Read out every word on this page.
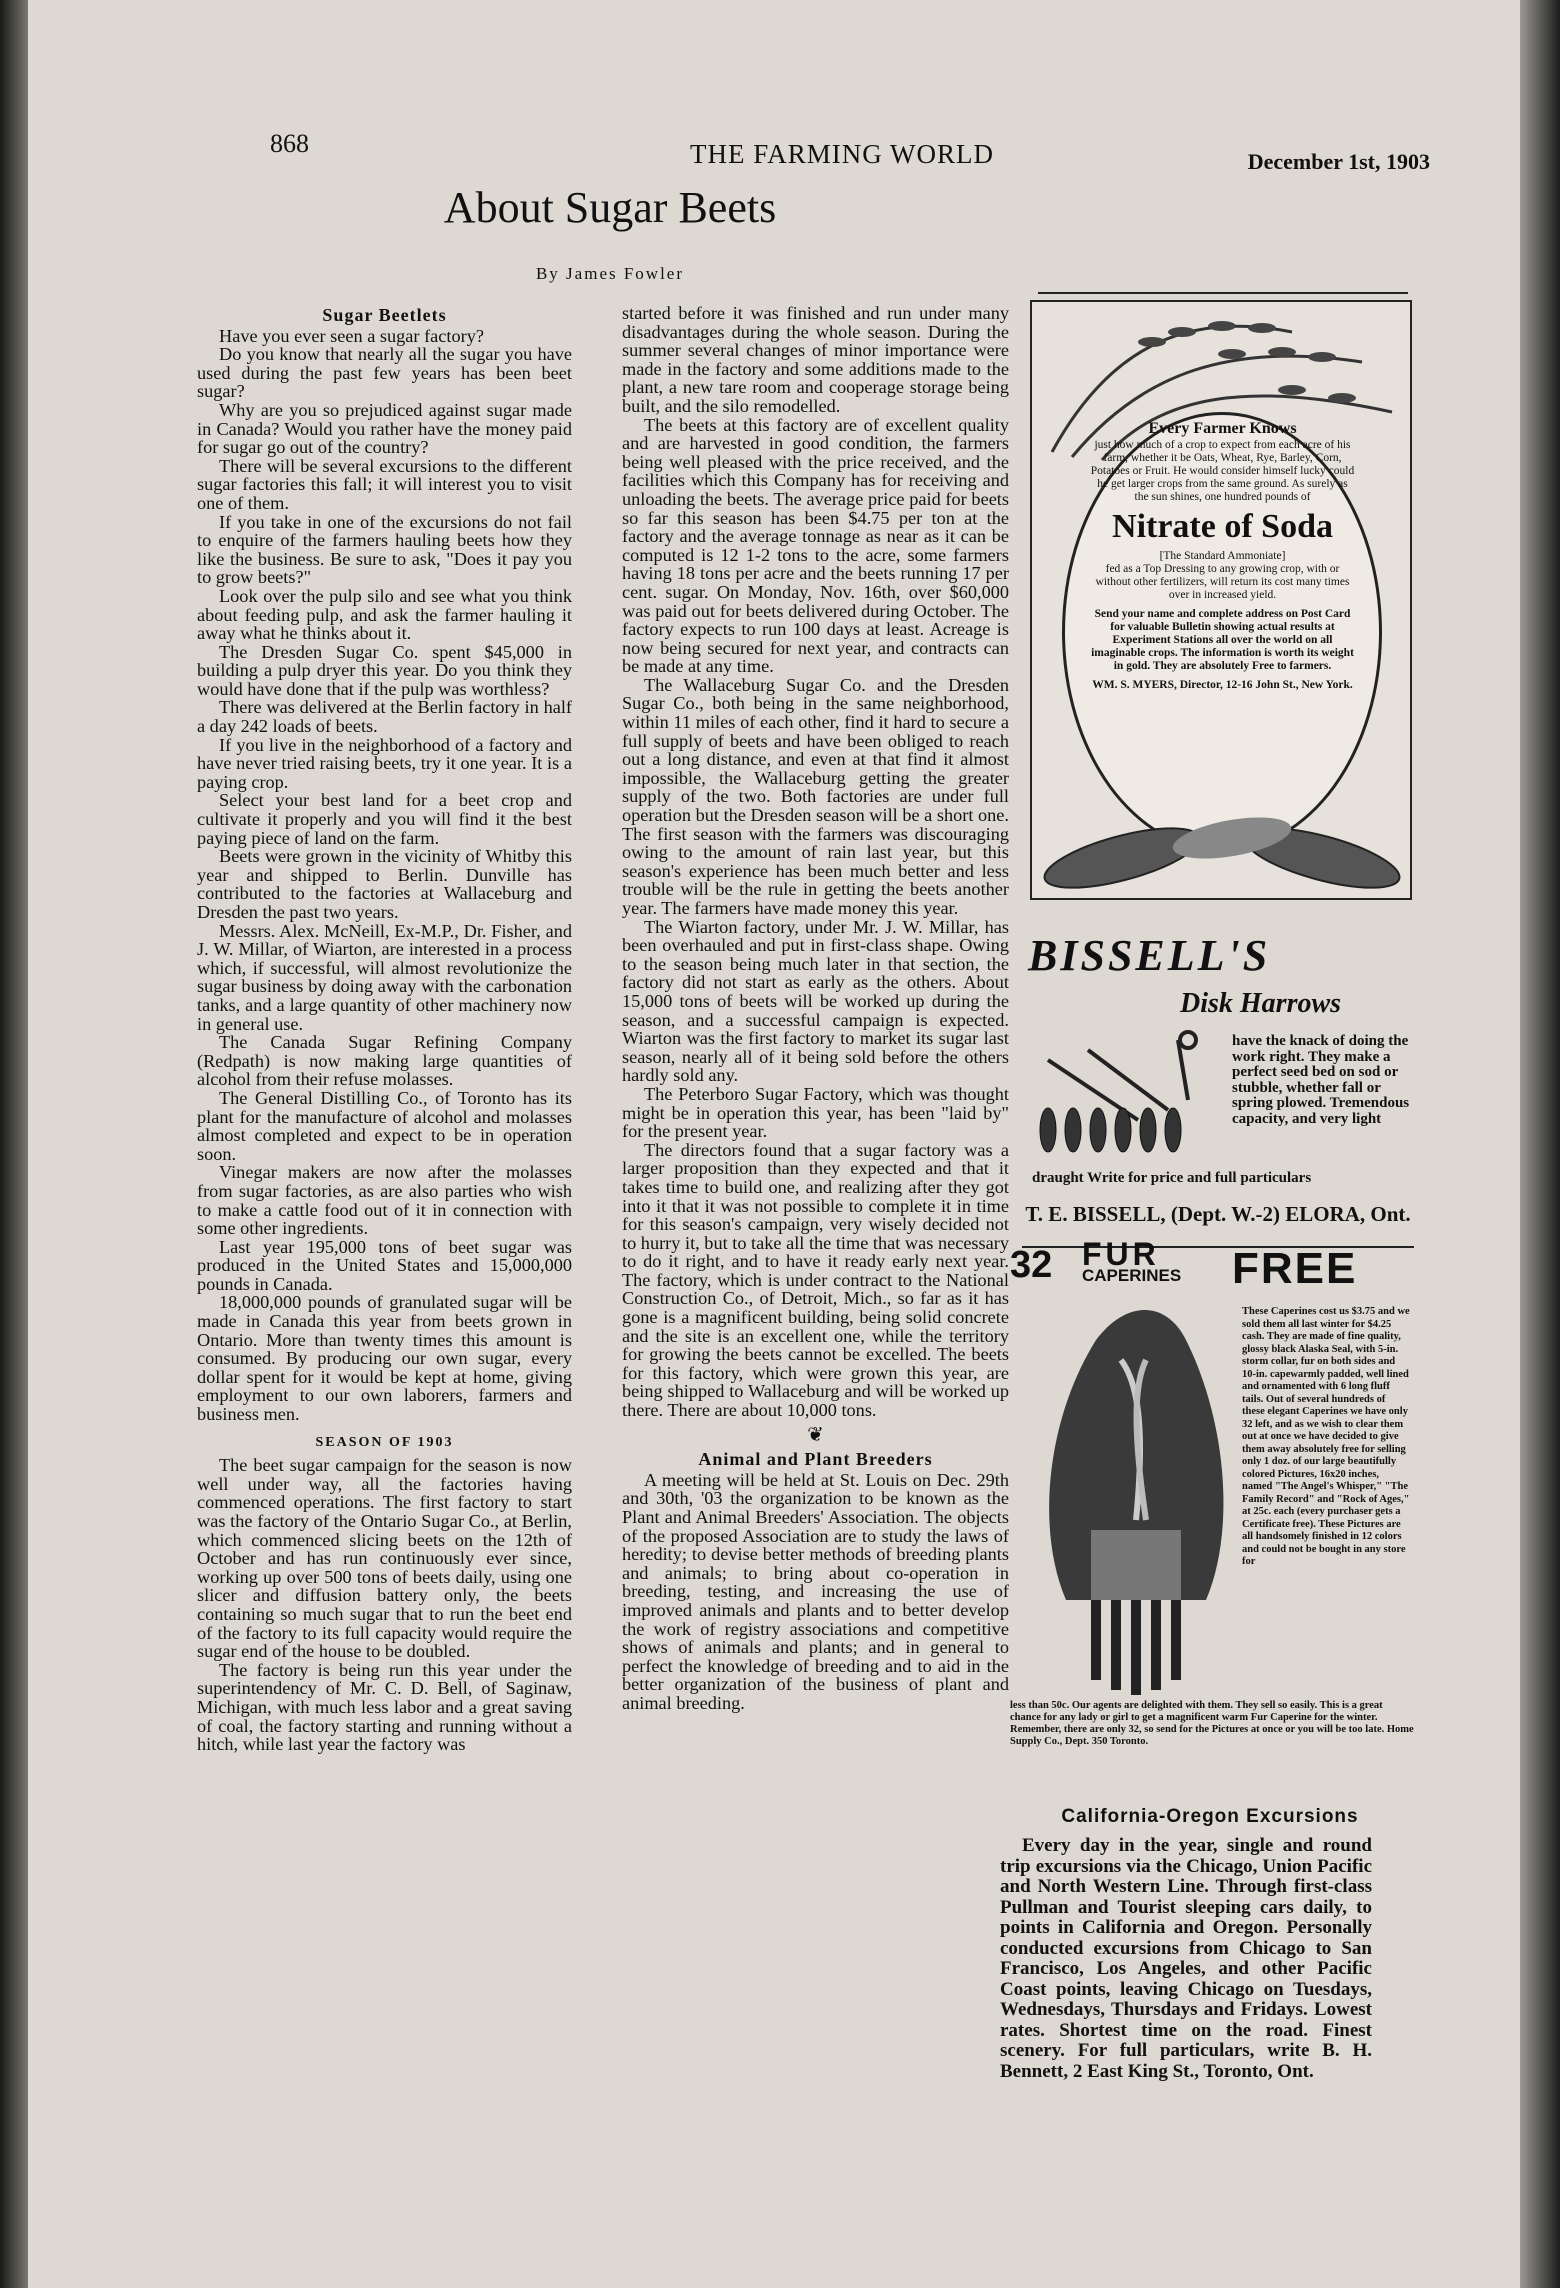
868	THE FARMING WORLD	December 1st, 1903
About Sugar Beets
By James Fowler
Sugar Beetlets

Have you ever seen a sugar factory?

Do you know that nearly all the sugar you have used during the past few years has been beet sugar?

Why are you so prejudiced against sugar made in Canada? Would you rather have the money paid for sugar go out of the country?

There will be several excursions to the different sugar factories this fall; it will interest you to visit one of them.

If you take in one of the excursions do not fail to enquire of the farmers hauling beets how they like the business. Be sure to ask, "Does it pay you to grow beets?"

Look over the pulp silo and see what you think about feeding pulp, and ask the farmer hauling it away what he thinks about it.

The Dresden Sugar Co. spent $45,000 in building a pulp dryer this year. Do you think they would have done that if the pulp was worthless?

There was delivered at the Berlin factory in half a day 242 loads of beets.

If you live in the neighborhood of a factory and have never tried raising beets, try it one year. It is a paying crop.

Select your best land for a beet crop and cultivate it properly and you will find it the best paying piece of land on the farm.

Beets were grown in the vicinity of Whitby this year and shipped to Berlin. Dunville has contributed to the factories at Wallaceburg and Dresden the past two years.

Messrs. Alex. McNeill, Ex-M.P., Dr. Fisher, and J. W. Millar, of Wiarton, are interested in a process which, if successful, will almost revolutionize the sugar business by doing away with the carbonation tanks, and a large quantity of other machinery now in general use.

The Canada Sugar Refining Company (Redpath) is now making large quantities of alcohol from their refuse molasses.

The General Distilling Co., of Toronto has its plant for the manufacture of alcohol and molasses almost completed and expect to be in operation soon.

Vinegar makers are now after the molasses from sugar factories, as are also parties who wish to make a cattle food out of it in connection with some other ingredients.

Last year 195,000 tons of beet sugar was produced in the United States and 15,000,000 pounds in Canada.

18,000,000 pounds of granulated sugar will be made in Canada this year from beets grown in Ontario. More than twenty times this amount is consumed. By producing our own sugar, every dollar spent for it would be kept at home, giving employment to our own laborers, farmers and business men.

SEASON OF 1903

The beet sugar campaign for the season is now well under way, all the factories having commenced operations. The first factory to start was the factory of the Ontario Sugar Co., at Berlin, which commenced slicing beets on the 12th of October and has run continuously ever since, working up over 500 tons of beets daily, using one slicer and diffusion battery only, the beets containing so much sugar that to run the beet end of the factory to its full capacity would require the sugar end of the house to be doubled.

The factory is being run this year under the superintendency of Mr. C. D. Bell, of Saginaw, Michigan, with much less labor and a great saving of coal, the factory starting and running without a hitch, while last year the factory was

started before it was finished and run under many disadvantages during the whole season. During the summer several changes of minor importance were made in the factory and some additions made to the plant, a new tare room and cooperage storage being built, and the silo remodelled.

The beets at this factory are of excellent quality and are harvested in good condition, the farmers being well pleased with the price received, and the facilities which this Company has for receiving and unloading the beets. The average price paid for beets so far this season has been $4.75 per ton at the factory and the average tonnage as near as it can be computed is 12 1-2 tons to the acre, some farmers having 18 tons per acre and the beets running 17 per cent. sugar. On Monday, Nov. 16th, over $60,000 was paid out for beets delivered during October. The factory expects to run 100 days at least. Acreage is now being secured for next year, and contracts can be made at any time.

The Wallaceburg Sugar Co. and the Dresden Sugar Co., both being in the same neighborhood, within 11 miles of each other, find it hard to secure a full supply of beets and have been obliged to reach out a long distance, and even at that find it almost impossible, the Wallaceburg getting the greater supply of the two. Both factories are under full operation but the Dresden season will be a short one. The first season with the farmers was discouraging owing to the amount of rain last year, but this season's experience has been much better and less trouble will be the rule in getting the beets another year. The farmers have made money this year.

The Wiarton factory, under Mr. J. W. Millar, has been overhauled and put in first-class shape. Owing to the season being much later in that section, the factory did not start as early as the others. About 15,000 tons of beets will be worked up during the season, and a successful campaign is expected. Wiarton was the first factory to market its sugar last season, nearly all of it being sold before the others hardly sold any.

The Peterboro Sugar Factory, which was thought might be in operation this year, has been "laid by" for the present year.

The directors found that a sugar factory was a larger proposition than they expected and that it takes time to build one, and realizing after they got into it that it was not possible to complete it in time for this season's campaign, very wisely decided not to hurry it, but to take all the time that was necessary to do it right, and to have it ready early next year. The factory, which is under contract to the National Construction Co., of Detroit, Mich., so far as it has gone is a magnificent building, being solid concrete and the site is an excellent one, while the territory for growing the beets cannot be excelled. The beets for this factory, which were grown this year, are being shipped to Wallaceburg and will be worked up there. There are about 10,000 tons.

❦
Animal and Plant Breeders

A meeting will be held at St. Louis on Dec. 29th and 30th, '03 the organization to be known as the Plant and Animal Breeders' Association. The objects of the proposed Association are to study the laws of heredity; to devise better methods of breeding plants and animals; to bring about co-operation in breeding, testing, and increasing the use of improved animals and plants and to better develop the work of registry associations and competitive shows of animals and plants; and in general to perfect the knowledge of breeding and to aid in the better organization of the business of plant and animal breeding.

Every Farmer Knows
just how much of a crop to expect from each acre of his farm, whether it be Oats, Wheat, Rye, Barley, Corn, Potatoes or Fruit. He would consider himself lucky could he get larger crops from the same ground. As surely as the sun shines, one hundred pounds of
Nitrate of Soda
[The Standard Ammoniate]
fed as a Top Dressing to any growing crop, with or without other fertilizers, will return its cost many times over in increased yield.
Send your name and complete address on Post Card for valuable Bulletin showing actual results at Experiment Stations all over the world on all imaginable crops. The information is worth its weight in gold. They are absolutely Free to farmers.
WM. S. MYERS, Director, 12-16 John St., New York.
BISSELL'S
Disk Harrows
have the knack of doing the work right. They make a perfect seed bed on sod or stubble, whether fall or spring plowed. Tremendous capacity, and very light
draught Write for price and full particulars
T. E. BISSELL, (Dept. W.-2) ELORA, Ont.
32 FUR
CAPERINES FREE
These Caperines cost us $3.75 and we sold them all last winter for $4.25 cash. They are made of fine quality, glossy black Alaska Seal, with 5-in. storm collar, fur on both sides and 10-in. capewarmly padded, well lined and ornamented with 6 long fluff tails. Out of several hundreds of these elegant Caperines we have only 32 left, and as we wish to clear them out at once we have decided to give them away absolutely free for selling only 1 doz. of our large beautifully colored Pictures, 16x20 inches, named "The Angel's Whisper," "The Family Record" and "Rock of Ages," at 25c. each (every purchaser gets a Certificate free). These Pictures are all handsomely finished in 12 colors and could not be bought in any store for
less than 50c. Our agents are delighted with them. They sell so easily. This is a great chance for any lady or girl to get a magnificent warm Fur Caperine for the winter. Remember, there are only 32, so send for the Pictures at once or you will be too late. Home Supply Co., Dept. 350 Toronto.
California-Oregon Excursions

Every day in the year, single and round trip excursions via the Chicago, Union Pacific and North Western Line. Through first-class Pullman and Tourist sleeping cars daily, to points in California and Oregon. Personally conducted excursions from Chicago to San Francisco, Los Angeles, and other Pacific Coast points, leaving Chicago on Tuesdays, Wednesdays, Thursdays and Fridays. Lowest rates. Shortest time on the road. Finest scenery. For full particulars, write B. H. Bennett, 2 East King St., Toronto, Ont.
